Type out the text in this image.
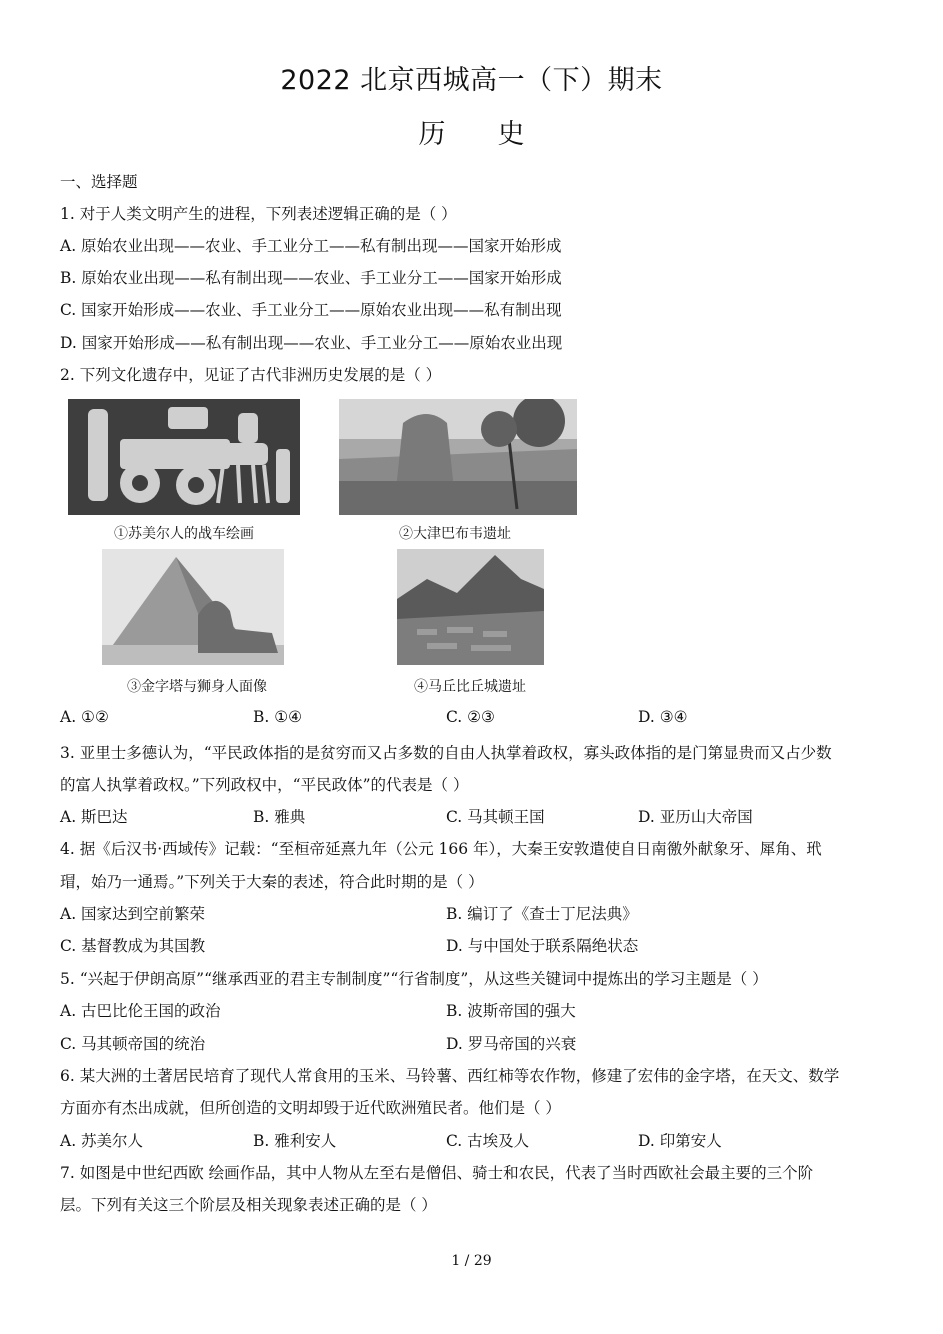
2022 北京西城高一（下）期末
历史
一、选择题
1. 对于人类文明产生的进程，下列表述逻辑正确的是（ ）
A. 原始农业出现——农业、手工业分工——私有制出现——国家开始形成
B. 原始农业出现——私有制出现——农业、手工业分工——国家开始形成
C. 国家开始形成——农业、手工业分工——原始农业出现——私有制出现
D. 国家开始形成——私有制出现——农业、手工业分工——原始农业出现
2. 下列文化遗存中，见证了古代非洲历史发展的是（ ）
①苏美尔人的战车绘画	②大津巴布韦遗址
③金字塔与狮身人面像	④马丘比丘城遗址
A. ①②	B. ①④	C. ②③	D. ③④
3. 亚里士多德认为，“平民政体指的是贫穷而又占多数的自由人执掌着政权，寡头政体指的是门第显贵而又占少数
的富人执掌着政权。”下列政权中，“平民政体”的代表是（ ）
A. 斯巴达	B. 雅典	C. 马其顿王国	D. 亚历山大帝国
4. 据《后汉书·西域传》记载：“至桓帝延熹九年（公元 166 年），大秦王安敦遣使自日南徼外献象牙、犀角、玳
瑁，始乃一通焉。”下列关于大秦的表述，符合此时期的是（ ）
A. 国家达到空前繁荣	B. 编订了《查士丁尼法典》
C. 基督教成为其国教	D. 与中国处于联系隔绝状态
5. “兴起于伊朗高原”“继承西亚的君主专制制度”“行省制度”，从这些关键词中提炼出的学习主题是（ ）
A. 古巴比伦王国的政治	B. 波斯帝国的强大
C. 马其顿帝国的统治	D. 罗马帝国的兴衰
6. 某大洲的土著居民培育了现代人常食用的玉米、马铃薯、西红柿等农作物，修建了宏伟的金字塔，在天文、数学
方面亦有杰出成就，但所创造的文明却毁于近代欧洲殖民者。他们是（ ）
A. 苏美尔人	B. 雅利安人	C. 古埃及人	D. 印第安人
7. 如图是中世纪西欧 绘画作品，其中人物从左至右是僧侣、骑士和农民，代表了当时西欧社会最主要的三个阶
层。下列有关这三个阶层及相关现象表述正确的是（ ）
1 / 29
